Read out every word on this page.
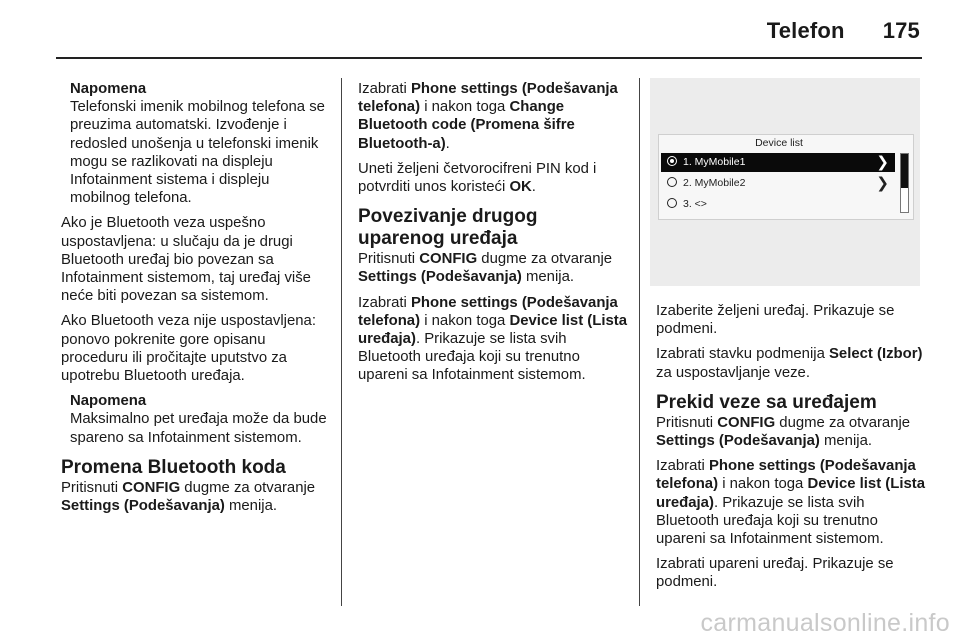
Telefon 175
Napomena
Telefonski imenik mobilnog telefona se preuzima automatski. Izvođenje i redosled unošenja u telefonski imenik mogu se razlikovati na displeju Infotainment sistema i displeju mobilnog telefona.

Ako je Bluetooth veza uspešno uspostavljena: u slučaju da je drugi Bluetooth uređaj bio povezan sa Infotainment sistemom, taj uređaj više neće biti povezan sa sistemom.

Ako Bluetooth veza nije uspostavljena: ponovo pokrenite gore opisanu proceduru ili pročitajte uputstvo za upotrebu Bluetooth uređaja.

Napomena
Maksimalno pet uređaja može da bude spareno sa Infotainment sistemom.
Promena Bluetooth koda

Pritisnuti CONFIG dugme za otvaranje Settings (Podešavanja) menija.

Izabrati Phone settings (Podešavanja telefona) i nakon toga Change Bluetooth code (Promena šifre Bluetooth-a).

Uneti željeni četvorocifreni PIN kod i potvrditi unos koristeći OK.

Povezivanje drugog uparenog uređaja

Pritisnuti CONFIG dugme za otvaranje Settings (Podešavanja) menija.

Izabrati Phone settings (Podešavanja telefona) i nakon toga Device list (Lista uređaja). Prikazuje se lista svih Bluetooth uređaja koji su trenutno upareni sa Infotainment sistemom.

Device list
1. MyMobile1	❯
2. MyMobile2	❯
3. <>

Izaberite željeni uređaj. Prikazuje se podmeni.

Izabrati stavku podmenija Select (Izbor) za uspostavljanje veze.

Prekid veze sa uređajem

Pritisnuti CONFIG dugme za otvaranje Settings (Podešavanja) menija.

Izabrati Phone settings (Podešavanja telefona) i nakon toga Device list (Lista uređaja). Prikazuje se lista svih Bluetooth uređaja koji su trenutno upareni sa Infotainment sistemom.

Izabrati upareni uređaj. Prikazuje se podmeni.

carmanualsonline.info
